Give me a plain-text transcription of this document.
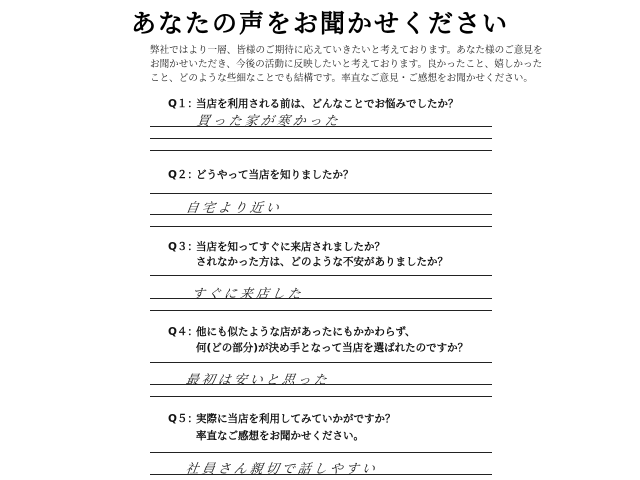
あなたの声をお聞かせください
弊社ではより一層、皆様のご期待に応えていきたいと考えております。あなた様のご意見を
お聞かせいただき、今後の活動に反映したいと考えております。良かったこと、嬉しかった
こと、どのような些細なことでも結構です。率直なご意見・ご感想をお聞かせください。
Q１：当店を利用される前は、どんなことでお悩みでしたか？
買った家が寒かった
Q２：どうやって当店を知りましたか？
自宅より近い
Q３：当店を知ってすぐに来店されましたか？
されなかった方は、どのような不安がありましたか？
すぐに来店した
Q４：他にも似たような店があったにもかかわらず、
何(どの部分)が決め手となって当店を選ばれたのですか？
最初は安いと思った
Q５：実際に当店を利用してみていかがですか？
率直なご感想をお聞かせください。
社員さん親切で話しやすい
